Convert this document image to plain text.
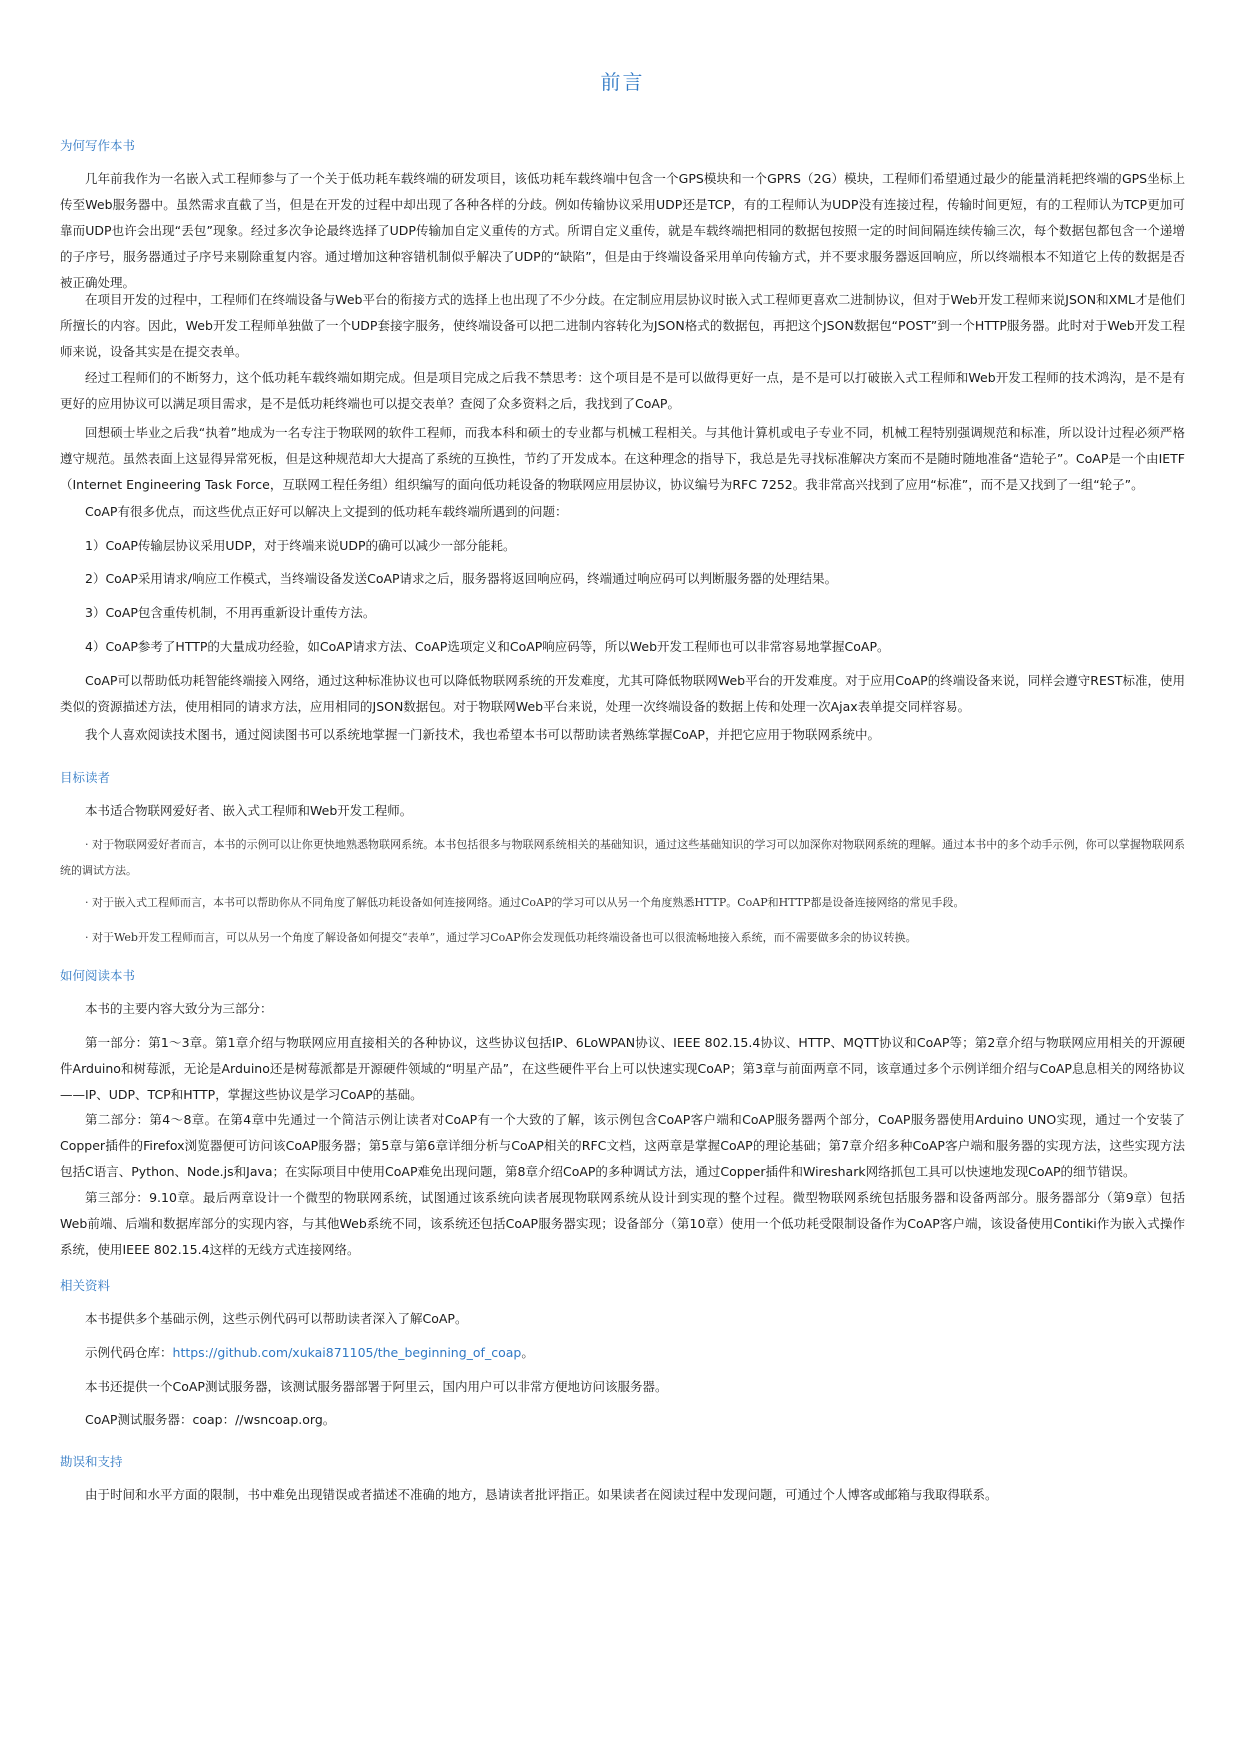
前言
为何写作本书

几年前我作为一名嵌入式工程师参与了一个关于低功耗车载终端的研发项目，该低功耗车载终端中包含一个GPS模块和一个GPRS（2G）模块，工程师们希望通过最少的能量消耗把终端的GPS坐标上传至Web服务器中。虽然需求直截了当，但是在开发的过程中却出现了各种各样的分歧。例如传输协议采用UDP还是TCP，有的工程师认为UDP没有连接过程，传输时间更短，有的工程师认为TCP更加可靠而UDP也许会出现“丢包”现象。经过多次争论最终选择了UDP传输加自定义重传的方式。所谓自定义重传，就是车载终端把相同的数据包按照一定的时间间隔连续传输三次，每个数据包都包含一个递增的子序号，服务器通过子序号来剔除重复内容。通过增加这种容错机制似乎解决了UDP的“缺陷”，但是由于终端设备采用单向传输方式，并不要求服务器返回响应，所以终端根本不知道它上传的数据是否被正确处理。

在项目开发的过程中，工程师们在终端设备与Web平台的衔接方式的选择上也出现了不少分歧。在定制应用层协议时嵌入式工程师更喜欢二进制协议，但对于Web开发工程师来说JSON和XML才是他们所擅长的内容。因此，Web开发工程师单独做了一个UDP套接字服务，使终端设备可以把二进制内容转化为JSON格式的数据包，再把这个JSON数据包“POST”到一个HTTP服务器。此时对于Web开发工程师来说，设备其实是在提交表单。

经过工程师们的不断努力，这个低功耗车载终端如期完成。但是项目完成之后我不禁思考：这个项目是不是可以做得更好一点，是不是可以打破嵌入式工程师和Web开发工程师的技术鸿沟，是不是有更好的应用协议可以满足项目需求，是不是低功耗终端也可以提交表单？查阅了众多资料之后，我找到了CoAP。

回想硕士毕业之后我“执着”地成为一名专注于物联网的软件工程师，而我本科和硕士的专业都与机械工程相关。与其他计算机或电子专业不同，机械工程特别强调规范和标准，所以设计过程必须严格遵守规范。虽然表面上这显得异常死板，但是这种规范却大大提高了系统的互换性，节约了开发成本。在这种理念的指导下，我总是先寻找标准解决方案而不是随时随地准备“造轮子”。CoAP是一个由IETF（Internet Engineering Task Force，互联网工程任务组）组织编写的面向低功耗设备的物联网应用层协议，协议编号为RFC 7252。我非常高兴找到了应用“标准”，而不是又找到了一组“轮子”。

CoAP有很多优点，而这些优点正好可以解决上文提到的低功耗车载终端所遇到的问题：

1）CoAP传输层协议采用UDP，对于终端来说UDP的确可以减少一部分能耗。

2）CoAP采用请求/响应工作模式，当终端设备发送CoAP请求之后，服务器将返回响应码，终端通过响应码可以判断服务器的处理结果。

3）CoAP包含重传机制，不用再重新设计重传方法。

4）CoAP参考了HTTP的大量成功经验，如CoAP请求方法、CoAP选项定义和CoAP响应码等，所以Web开发工程师也可以非常容易地掌握CoAP。

CoAP可以帮助低功耗智能终端接入网络，通过这种标准协议也可以降低物联网系统的开发难度，尤其可降低物联网Web平台的开发难度。对于应用CoAP的终端设备来说，同样会遵守REST标准，使用类似的资源描述方法，使用相同的请求方法，应用相同的JSON数据包。对于物联网Web平台来说，处理一次终端设备的数据上传和处理一次Ajax表单提交同样容易。

我个人喜欢阅读技术图书，通过阅读图书可以系统地掌握一门新技术，我也希望本书可以帮助读者熟练掌握CoAP，并把它应用于物联网系统中。

目标读者

本书适合物联网爱好者、嵌入式工程师和Web开发工程师。

· 对于物联网爱好者而言，本书的示例可以让你更快地熟悉物联网系统。本书包括很多与物联网系统相关的基础知识，通过这些基础知识的学习可以加深你对物联网系统的理解。通过本书中的多个动手示例，你可以掌握物联网系统的调试方法。

· 对于嵌入式工程师而言，本书可以帮助你从不同角度了解低功耗设备如何连接网络。通过CoAP的学习可以从另一个角度熟悉HTTP。CoAP和HTTP都是设备连接网络的常见手段。

· 对于Web开发工程师而言，可以从另一个角度了解设备如何提交“表单”，通过学习CoAP你会发现低功耗终端设备也可以很流畅地接入系统，而不需要做多余的协议转换。

如何阅读本书

本书的主要内容大致分为三部分：

第一部分：第1～3章。第1章介绍与物联网应用直接相关的各种协议，这些协议包括IP、6LoWPAN协议、IEEE 802.15.4协议、HTTP、MQTT协议和CoAP等；第2章介绍与物联网应用相关的开源硬件Arduino和树莓派，无论是Arduino还是树莓派都是开源硬件领域的“明星产品”，在这些硬件平台上可以快速实现CoAP；第3章与前面两章不同，该章通过多个示例详细介绍与CoAP息息相关的网络协议——IP、UDP、TCP和HTTP，掌握这些协议是学习CoAP的基础。

第二部分：第4～8章。在第4章中先通过一个简洁示例让读者对CoAP有一个大致的了解，该示例包含CoAP客户端和CoAP服务器两个部分，CoAP服务器使用Arduino UNO实现，通过一个安装了Copper插件的Firefox浏览器便可访问该CoAP服务器；第5章与第6章详细分析与CoAP相关的RFC文档，这两章是掌握CoAP的理论基础；第7章介绍多种CoAP客户端和服务器的实现方法，这些实现方法包括C语言、Python、Node.js和Java；在实际项目中使用CoAP难免出现问题，第8章介绍CoAP的多种调试方法，通过Copper插件和Wireshark网络抓包工具可以快速地发现CoAP的细节错误。

第三部分：9.10章。最后两章设计一个微型的物联网系统，试图通过该系统向读者展现物联网系统从设计到实现的整个过程。微型物联网系统包括服务器和设备两部分。服务器部分（第9章）包括Web前端、后端和数据库部分的实现内容，与其他Web系统不同，该系统还包括CoAP服务器实现；设备部分（第10章）使用一个低功耗受限制设备作为CoAP客户端，该设备使用Contiki作为嵌入式操作系统，使用IEEE 802.15.4这样的无线方式连接网络。

相关资料

本书提供多个基础示例，这些示例代码可以帮助读者深入了解CoAP。

示例代码仓库：https://github.com/xukai871105/the_beginning_of_coap。

本书还提供一个CoAP测试服务器，该测试服务器部署于阿里云，国内用户可以非常方便地访问该服务器。

CoAP测试服务器：coap：//wsncoap.org。

勘误和支持

由于时间和水平方面的限制，书中难免出现错误或者描述不准确的地方，恳请读者批评指正。如果读者在阅读过程中发现问题，可通过个人博客或邮箱与我取得联系。
